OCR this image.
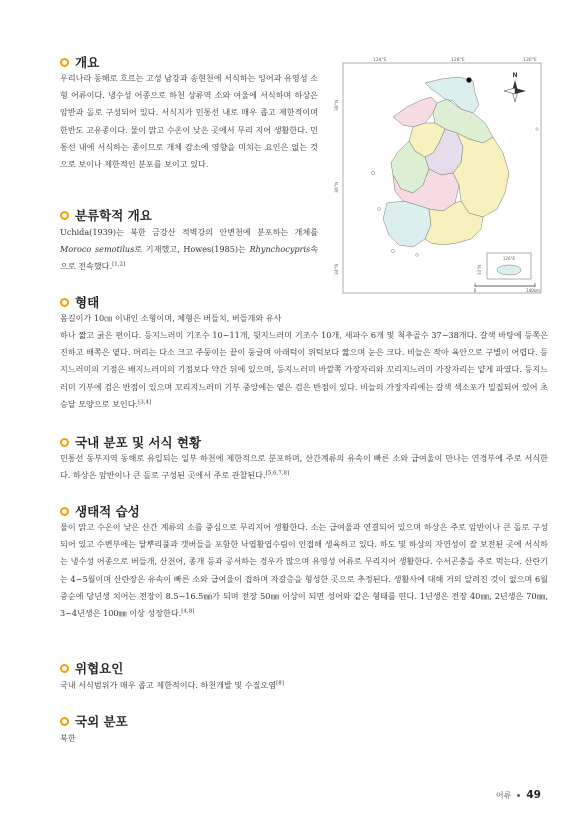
개요
우리나라 동해로 흐르는 고성 남강과 송현천에 서식하는 잉어과 유영성 소형 어류이다. 냉수성 어종으로 하천 상류역 소와 여울에 서식하며 하상은 암반과 돌로 구성되어 있다. 서식지가 민통선 내로 매우 좁고 제한적이며 한반도 고유종이다. 물이 맑고 수온이 낮은 곳에서 무리 지어 생활한다. 민통선 내에 서식하는 종이므로 개체 감소에 영향을 미치는 요인은 없는 것으로 보이나 제한적인 분포를 보이고 있다.
분류학적 개요
Uchida(1939)는 북한 금강산 적벽강의 안변천에 분포하는 개체를 Moroco semotilus로 기재했고, Howes(1985)는 Rhynchocypris속으로 전속했다.[1,2]
형태
몸길이가 10㎝ 이내인 소형이며, 체형은 버들치, 버들개와 유사
하나 짧고 굵은 편이다. 등지느러미 기조수 10~11개, 뒷지느러미 기조수 10개, 새파수 6개 및 척추골수 37~38개다. 갈색 바탕에 등쪽은 진하고 배쪽은 옅다. 머리는 다소 크고 주둥이는 끝이 둥글며 아래턱이 위턱보다 짧으며 눈은 크다. 비늘은 작아 육안으로 구별이 어렵다. 등지느러미의 기점은 배지느러미의 기점보다 약간 뒤에 있으며, 등지느러미 바깥쪽 가장자리와 꼬리지느러미 가장자리는 얕게 파였다. 등지느러미 기부에 검은 반점이 있으며 꼬리지느러미 기부 중앙에는 옅은 검은 반점이 있다. 비늘의 가장자리에는 갈색 색소포가 밀집되어 있어 초승달 모양으로 보인다.[3,4]
국내 분포 및 서식 현황
민통선 동부지역 동해로 유입되는 일부 하천에 제한적으로 분포하며, 산간계류의 유속이 빠른 소와 급여울이 만나는 연경부에 주로 서식한다. 하상은 암반이나 큰 돌로 구성된 곳에서 주로 관찰된다.[5,6,7,8]
생태적 습성
물이 맑고 수온이 낮은 산간 계류의 소를 중심으로 무리지어 생활한다. 소는 급여울과 연결되어 있으며 하상은 주로 암반이나 큰 돌로 구성되어 있고 수변부에는 달뿌리풀과 갯버들을 포함한 낙엽활엽수림이 인접해 생육하고 있다. 하도 및 하상의 자연성이 잘 보전된 곳에 서식하는 냉수성 어종으로 버들개, 산천어, 종개 등과 공서하는 경우가 많으며 유영성 어류로 무리지어 생활한다. 수서곤충을 주로 먹는다. 산란기는 4~5월이며 산란장은 유속이 빠른 소와 급여울이 접하며 자갈층을 형성한 곳으로 추정된다. 생활사에 대해 거의 알려진 것이 없으며 6월 중순에 당년생 치어는 전장이 8.5~16.5㎜가 되며 전장 50㎜ 이상이 되면 성어와 같은 형태를 띤다. 1년생은 전장 40㎜, 2년생은 70㎜, 3~4년생은 100㎜ 이상 성장한다.[4,8]
위협요인
국내 서식범위가 매우 좁고 제한적이다. 하천개발 및 수질오염[8]
국외 분포
북한
124°E	128°E	130°E
38°N
36°N
34°N
N
126°E
33°N
0	140km
어류 49
